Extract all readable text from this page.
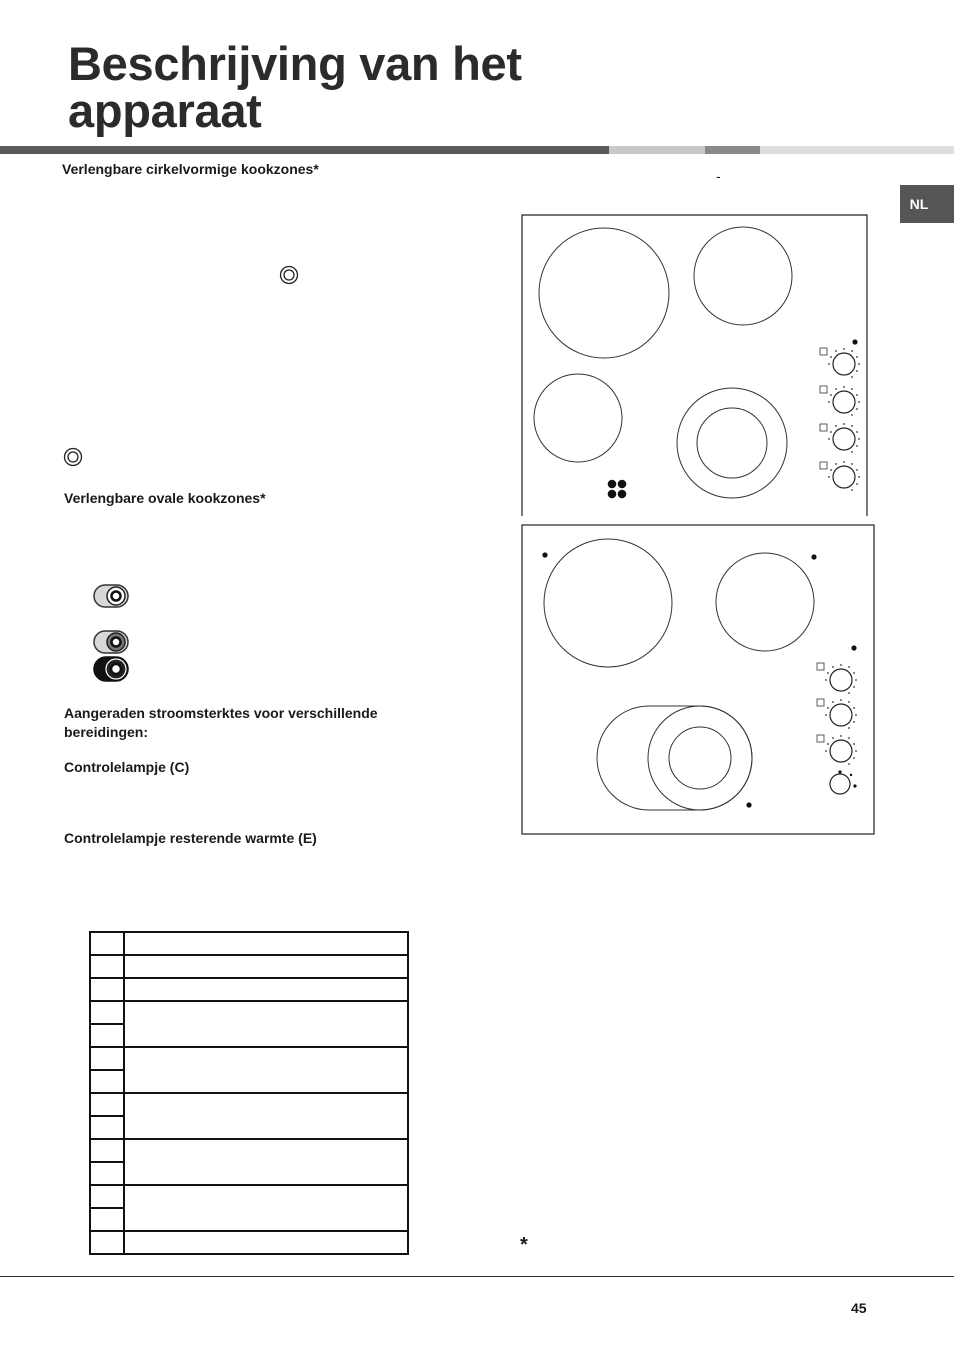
Beschrijving van het
apparaat
NL
-
Verlengbare cirkelvormige kookzones*
Verlengbare ovale kookzones*
Aangeraden stroomsterktes voor verschillende bereidingen:
Controlelampje (C)
Controlelampje resterende warmte (E)

*
45
